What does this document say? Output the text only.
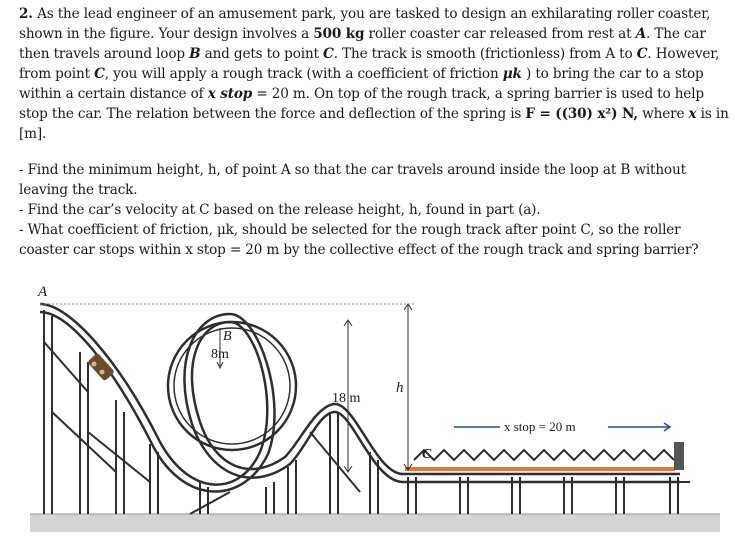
2. As the lead engineer of an amusement park, you are tasked to design an exhilarating roller coaster, shown in the figure. Your design involves a 500 kg roller coaster car released from rest at A. The car then travels around loop B and gets to point C. The track is smooth (frictionless) from A to C. However, from point C, you will apply a rough track (with a coefficient of friction μk ) to bring the car to a stop within a certain distance of x stop = 20 m. On top of the rough track, a spring barrier is used to help stop the car. The relation between the force and deflection of the spring is F = ((30) x²) N, where x is in [m].

- Find the minimum height, h, of point A so that the car travels around inside the loop at B without leaving the track.

- Find the car’s velocity at C based on the release height, h, found in part (a).

- What coefficient of friction, μk, should be selected for the rough track after point C, so the roller coaster car stops within x stop = 20 m by the collective effect of the rough track and spring barrier?

A
B
8m
18 m
h
C
x stop = 20 m
